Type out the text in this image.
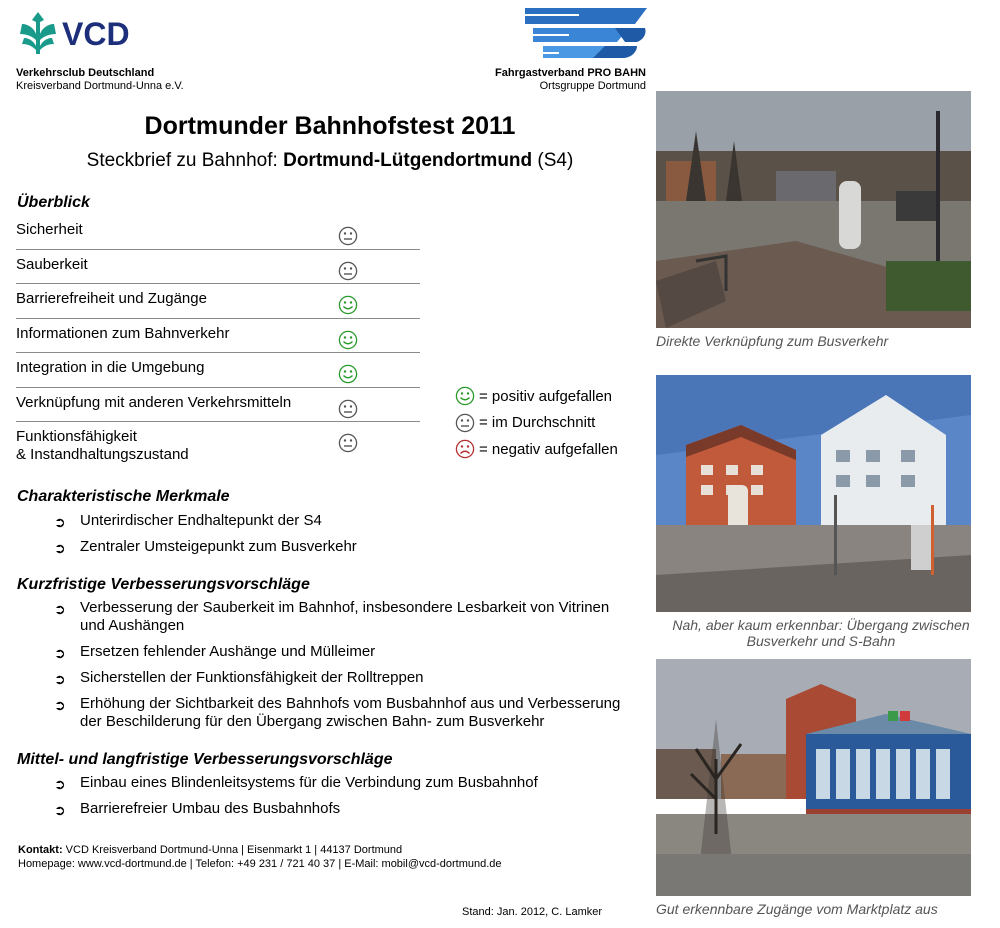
VCD
Verkehrsclub Deutschland
Kreisverband Dortmund-Unna e.V.
Fahrgastverband PRO BAHN
Ortsgruppe Dortmund
Dortmunder Bahnhofstest 2011
Steckbrief zu Bahnhof: Dortmund-Lütgendortmund (S4)
Überblick
Sicherheit
Sauberkeit
Barrierefreiheit und Zugänge
Informationen zum Bahnverkehr
Integration in die Umgebung
Verknüpfung mit anderen Verkehrsmitteln
Funktionsfähigkeit
& Instandhaltungszustand
= positiv aufgefallen
= im Durchschnitt
= negativ aufgefallen
Charakteristische Merkmale
➲ Unterirdischer Endhaltepunkt der S4
➲ Zentraler Umsteigepunkt zum Busverkehr
Kurzfristige Verbesserungsvorschläge
➲ Verbesserung der Sauberkeit im Bahnhof, insbesondere Lesbarkeit von Vitrinen und Aushängen
➲ Ersetzen fehlender Aushänge und Mülleimer
➲ Sicherstellen der Funktionsfähigkeit der Rolltreppen
➲ Erhöhung der Sichtbarkeit des Bahnhofs vom Busbahnhof aus und Verbesserung der Beschilderung für den Übergang zwischen Bahn- zum Busverkehr
Mittel- und langfristige Verbesserungsvorschläge
➲ Einbau eines Blindenleitsystems für die Verbindung zum Busbahnhof
➲ Barrierefreier Umbau des Busbahnhofs
Kontakt: VCD Kreisverband Dortmund-Unna | Eisenmarkt 1 | 44137 Dortmund
Homepage: www.vcd-dortmund.de | Telefon: +49 231 / 721 40 37 | E-Mail: mobil@vcd-dortmund.de
Stand: Jan. 2012, C. Lamker
Direkte Verknüpfung zum Busverkehr
Nah, aber kaum erkennbar: Übergang zwischen Busverkehr und S-Bahn
Gut erkennbare Zugänge vom Marktplatz aus
